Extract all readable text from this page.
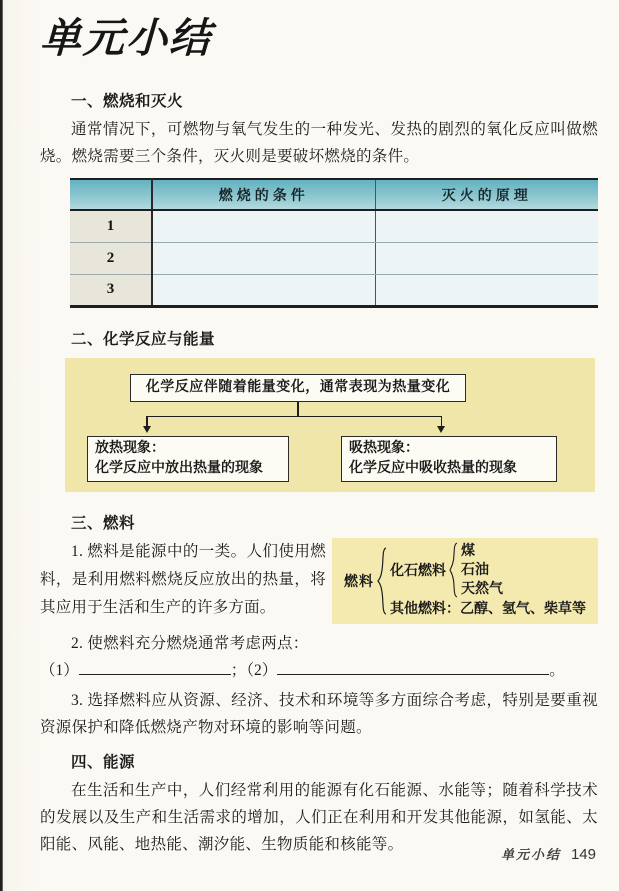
单元小结
一、燃烧和灭火

通常情况下，可燃物与氧气发生的一种发光、发热的剧烈的氧化反应叫做燃烧。燃烧需要三个条件，灭火则是要破坏燃烧的条件。

	燃烧的条件	灭火的原理
1		
2		
3		
二、化学反应与能量
化学反应伴随着能量变化，通常表现为热量变化
放热现象：
化学反应中放出热量的现象
吸热现象：
化学反应中吸收热量的现象
三、燃料

1. 燃料是能源中的一类。人们使用燃料，是利用燃料燃烧反应放出的热量，将其应用于生活和生产的许多方面。

燃料
化石燃料
煤
石油
天然气
其他燃料：乙醇、氢气、柴草等

2. 使燃料充分燃烧通常考虑两点：

（1）	；（2）	。

3. 选择燃料应从资源、经济、技术和环境等多方面综合考虑，特别是要重视资源保护和降低燃烧产物对环境的影响等问题。

四、能源

在生活和生产中，人们经常利用的能源有化石能源、水能等；随着科学技术的发展以及生产和生活需求的增加，人们正在利用和开发其他能源，如氢能、太阳能、风能、地热能、潮汐能、生物质能和核能等。

单元小结 149
